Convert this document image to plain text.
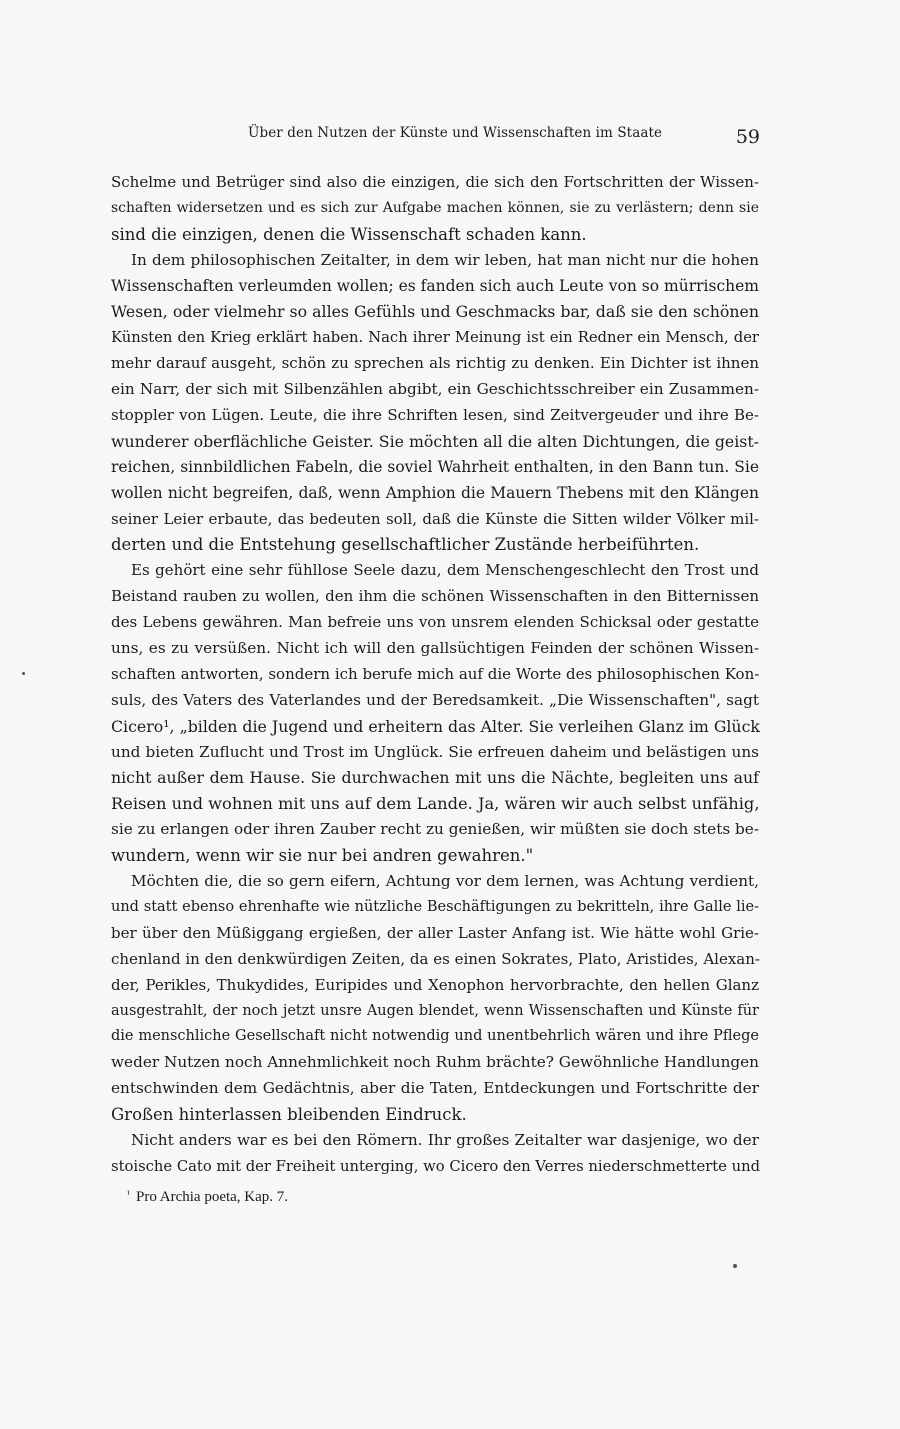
Über den Nutzen der Künste und Wissenschaften im Staate	59
Schelme und Betrüger sind also die einzigen, die sich den Fortschritten der Wissen-
schaften widersetzen und es sich zur Aufgabe machen können, sie zu verlästern; denn sie
sind die einzigen, denen die Wissenschaft schaden kann.
In dem philosophischen Zeitalter, in dem wir leben, hat man nicht nur die hohen
Wissenschaften verleumden wollen; es fanden sich auch Leute von so mürrischem
Wesen, oder vielmehr so alles Gefühls und Geschmacks bar, daß sie den schönen
Künsten den Krieg erklärt haben. Nach ihrer Meinung ist ein Redner ein Mensch, der
mehr darauf ausgeht, schön zu sprechen als richtig zu denken. Ein Dichter ist ihnen
ein Narr, der sich mit Silbenzählen abgibt, ein Geschichtsschreiber ein Zusammen-
stoppler von Lügen. Leute, die ihre Schriften lesen, sind Zeitvergeuder und ihre Be-
wunderer oberflächliche Geister. Sie möchten all die alten Dichtungen, die geist-
reichen, sinnbildlichen Fabeln, die soviel Wahrheit enthalten, in den Bann tun. Sie
wollen nicht begreifen, daß, wenn Amphion die Mauern Thebens mit den Klängen
seiner Leier erbaute, das bedeuten soll, daß die Künste die Sitten wilder Völker mil-
derten und die Entstehung gesellschaftlicher Zustände herbeiführten.
Es gehört eine sehr fühllose Seele dazu, dem Menschengeschlecht den Trost und
Beistand rauben zu wollen, den ihm die schönen Wissenschaften in den Bitternissen
des Lebens gewähren. Man befreie uns von unsrem elenden Schicksal oder gestatte
uns, es zu versüßen. Nicht ich will den gallsüchtigen Feinden der schönen Wissen-
schaften antworten, sondern ich berufe mich auf die Worte des philosophischen Kon-
suls, des Vaters des Vaterlandes und der Beredsamkeit. „Die Wissenschaften", sagt
Cicero¹, „bilden die Jugend und erheitern das Alter. Sie verleihen Glanz im Glück
und bieten Zuflucht und Trost im Unglück. Sie erfreuen daheim und belästigen uns
nicht außer dem Hause. Sie durchwachen mit uns die Nächte, begleiten uns auf
Reisen und wohnen mit uns auf dem Lande. Ja, wären wir auch selbst unfähig,
sie zu erlangen oder ihren Zauber recht zu genießen, wir müßten sie doch stets be-
wundern, wenn wir sie nur bei andren gewahren."
Möchten die, die so gern eifern, Achtung vor dem lernen, was Achtung verdient,
und statt ebenso ehrenhafte wie nützliche Beschäftigungen zu bekritteln, ihre Galle lie-
ber über den Müßiggang ergießen, der aller Laster Anfang ist. Wie hätte wohl Grie-
chenland in den denkwürdigen Zeiten, da es einen Sokrates, Plato, Aristides, Alexan-
der, Perikles, Thukydides, Euripides und Xenophon hervorbrachte, den hellen Glanz
ausgestrahlt, der noch jetzt unsre Augen blendet, wenn Wissenschaften und Künste für
die menschliche Gesellschaft nicht notwendig und unentbehrlich wären und ihre Pflege
weder Nutzen noch Annehmlichkeit noch Ruhm brächte? Gewöhnliche Handlungen
entschwinden dem Gedächtnis, aber die Taten, Entdeckungen und Fortschritte der
Großen hinterlassen bleibenden Eindruck.
Nicht anders war es bei den Römern. Ihr großes Zeitalter war dasjenige, wo der
stoische Cato mit der Freiheit unterging, wo Cicero den Verres niederschmetterte und
$^{^1}$ Pro Archia poeta, Kap. 7.
